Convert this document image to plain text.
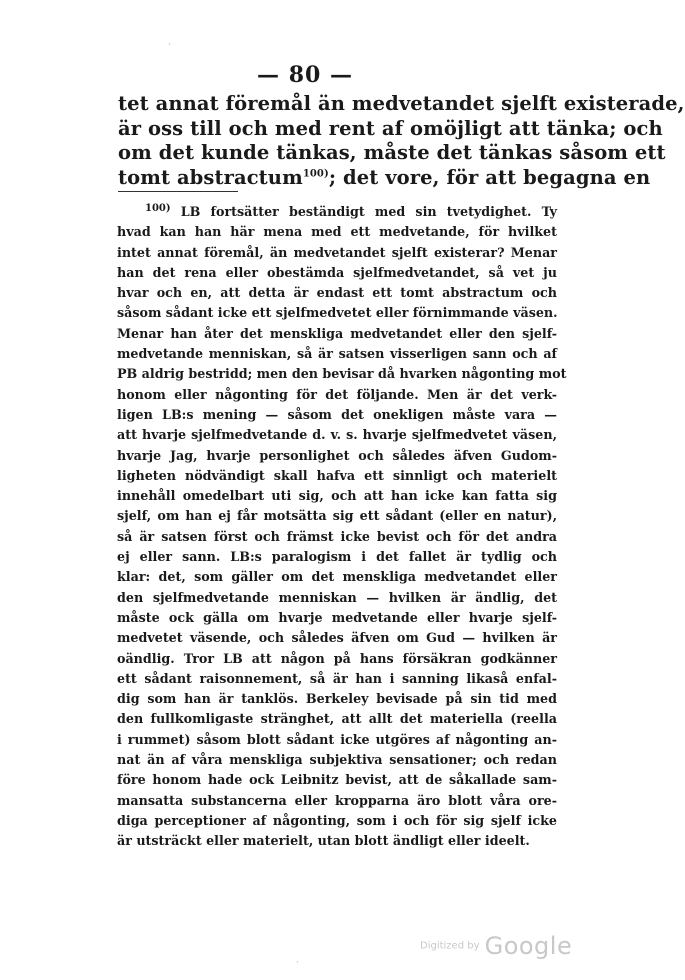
·
— 80 —
tet annat föremål än medvetandet sjelft existerade,
är oss till och med rent af omöjligt att tänka; och
om det kunde tänkas, måste det tänkas såsom ett
tomt abstractum$^{100)}$; det vore, för att begagna en
$^{100)}$ LB fortsätter beständigt med sin tvetydighet. Ty
hvad kan han här mena med ett medvetande, för hvilket
intet annat föremål, än medvetandet sjelft existerar? Menar
han det rena eller obestämda sjelfmedvetandet, så vet ju
hvar och en, att detta är endast ett tomt abstractum och
såsom sådant icke ett sjelfmedvetet eller förnimmande väsen.
Menar han åter det menskliga medvetandet eller den sjelf-
medvetande menniskan, så är satsen visserligen sann och af
PB aldrig bestridd; men den bevisar då hvarken någonting mot
honom eller någonting för det följande. Men är det verk-
ligen LB:s mening — såsom det onekligen måste vara —
att hvarje sjelfmedvetande d. v. s. hvarje sjelfmedvetet väsen,
hvarje Jag, hvarje personlighet och således äfven Gudom-
ligheten nödvändigt skall hafva ett sinnligt och materielt
innehåll omedelbart uti sig, och att han icke kan fatta sig
sjelf, om han ej får motsätta sig ett sådant (eller en natur),
så är satsen först och främst icke bevist och för det andra
ej eller sann. LB:s paralogism i det fallet är tydlig och
klar: det, som gäller om det menskliga medvetandet eller
den sjelfmedvetande menniskan — hvilken är ändlig, det
måste ock gälla om hvarje medvetande eller hvarje sjelf-
medvetet väsende, och således äfven om Gud — hvilken är
oändlig. Tror LB att någon på hans försäkran godkänner
ett sådant raisonnement, så är han i sanning likaså enfal-
dig som han är tanklös. Berkeley bevisade på sin tid med
den fullkomligaste stränghet, att allt det materiella (reella
i rummet) såsom blott sådant icke utgöres af någonting an-
nat än af våra menskliga subjektiva sensationer; och redan
före honom hade ock Leibnitz bevist, att de såkallade sam-
mansatta substancerna eller kropparna äro blott våra ore-
diga perceptioner af någonting, som i och för sig sjelf icke
är utsträckt eller materielt, utan blott ändligt eller ideelt.
·
Digitized by Google
